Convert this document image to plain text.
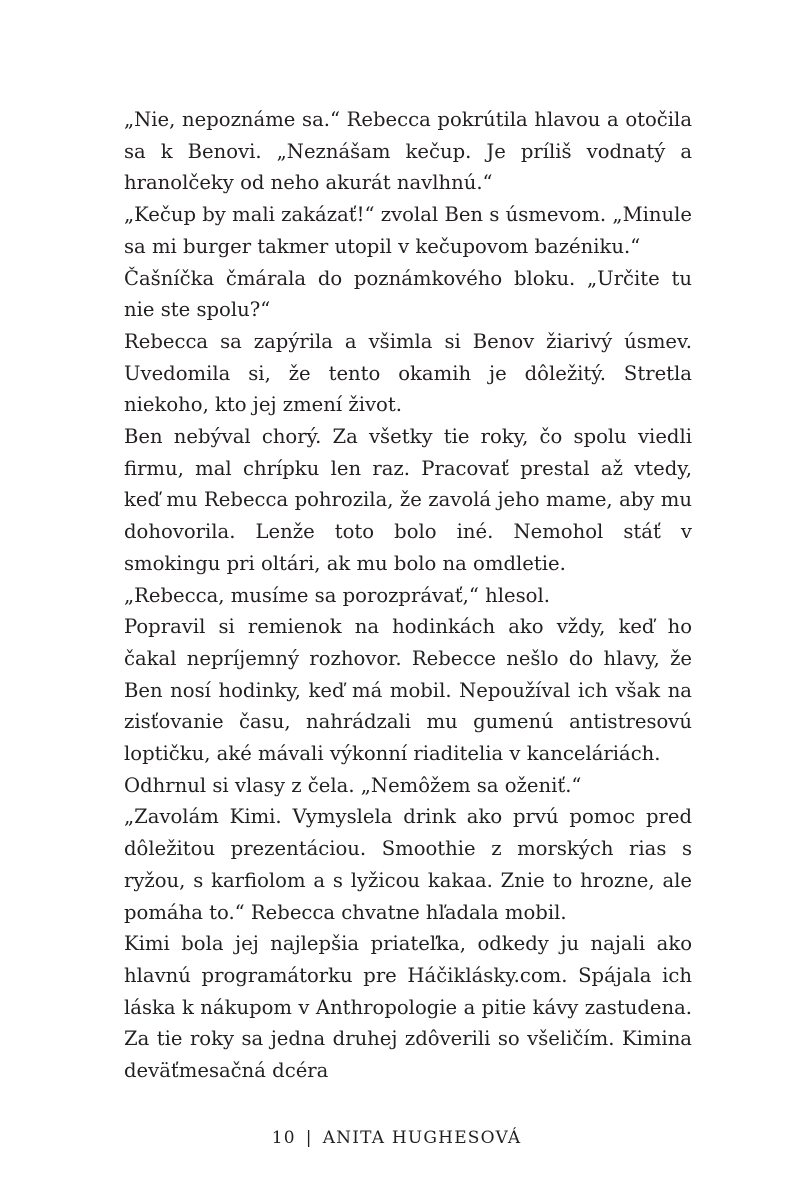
„Nie, nepoznáme sa.“ Rebecca pokrútila hlavou a otočila sa k Benovi. „Neznášam kečup. Je príliš vodnatý a hranolčeky od neho akurát navlhnú.“

„Kečup by mali zakázať!“ zvolal Ben s úsmevom. „Minule sa mi burger takmer utopil v kečupovom bazéniku.“

Čašníčka čmárala do poznámkového bloku. „Určite tu nie ste spolu?“

Rebecca sa zapýrila a všimla si Benov žiarivý úsmev. Uvedomila si, že tento okamih je dôležitý. Stretla niekoho, kto jej zmení život.

Ben nebýval chorý. Za všetky tie roky, čo spolu viedli firmu, mal chrípku len raz. Pracovať prestal až vtedy, keď mu Rebecca pohrozila, že zavolá jeho mame, aby mu dohovorila. Lenže toto bolo iné. Nemohol stáť v smokingu pri oltári, ak mu bolo na omdletie.

„Rebecca, musíme sa porozprávať,“ hlesol.

Popravil si remienok na hodinkách ako vždy, keď ho čakal nepríjemný rozhovor. Rebecce nešlo do hlavy, že Ben nosí hodinky, keď má mobil. Nepoužíval ich však na zisťovanie času, nahrádzali mu gumenú antistresovú loptičku, aké mávali výkonní riaditelia v kanceláriách.

Odhrnul si vlasy z čela. „Nemôžem sa oženiť.“

„Zavolám Kimi. Vymyslela drink ako prvú pomoc pred dôležitou prezentáciou. Smoothie z morských rias s ryžou, s karfiolom a s lyžicou kakaa. Znie to hrozne, ale pomáha to.“ Rebecca chvatne hľadala mobil.

Kimi bola jej najlepšia priateľka, odkedy ju najali ako hlavnú programátorku pre Háčiklásky.com. Spájala ich láska k nákupom v Anthropologie a pitie kávy zastudena. Za tie roky sa jedna druhej zdôverili so všeličím. Kimina deväťmesačná dcéra

10 | ANITA HUGHESOVÁ
